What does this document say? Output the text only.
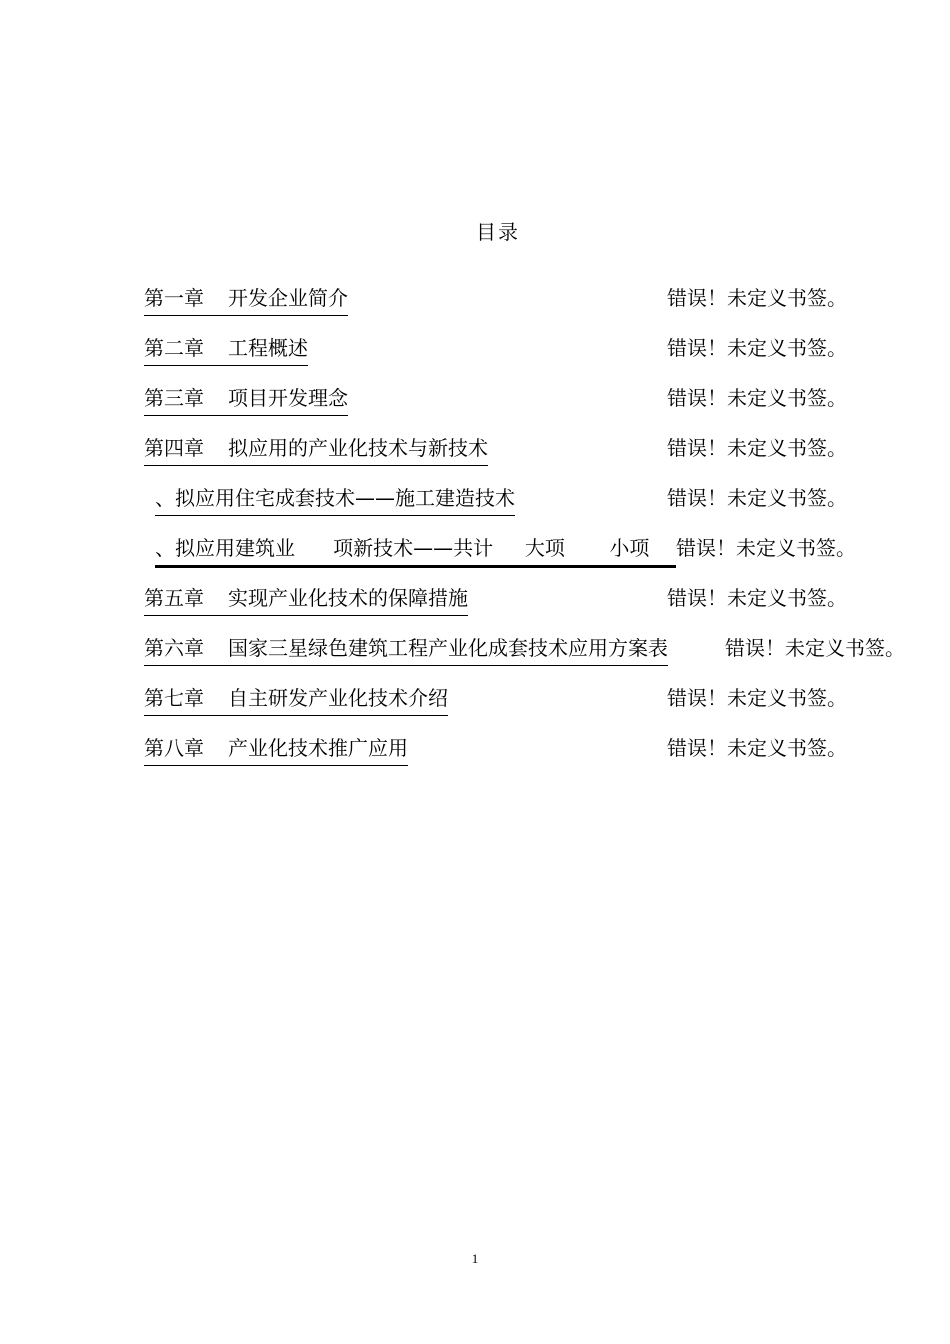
目录
第一章 开发企业简介	错误！未定义书签。
第二章 工程概述	错误！未定义书签。
第三章 项目开发理念	错误！未定义书签。
第四章 拟应用的产业化技术与新技术	错误！未定义书签。
、拟应用住宅成套技术——施工建造技术	错误！未定义书签。
、拟应用建筑业      项新技术——共计     大项       小项	错误！未定义书签。
第五章 实现产业化技术的保障措施	错误！未定义书签。
第六章 国家三星绿色建筑工程产业化成套技术应用方案表	错误！未定义书签。
第七章 自主研发产业化技术介绍	错误！未定义书签。
第八章 产业化技术推广应用	错误！未定义书签。
1
